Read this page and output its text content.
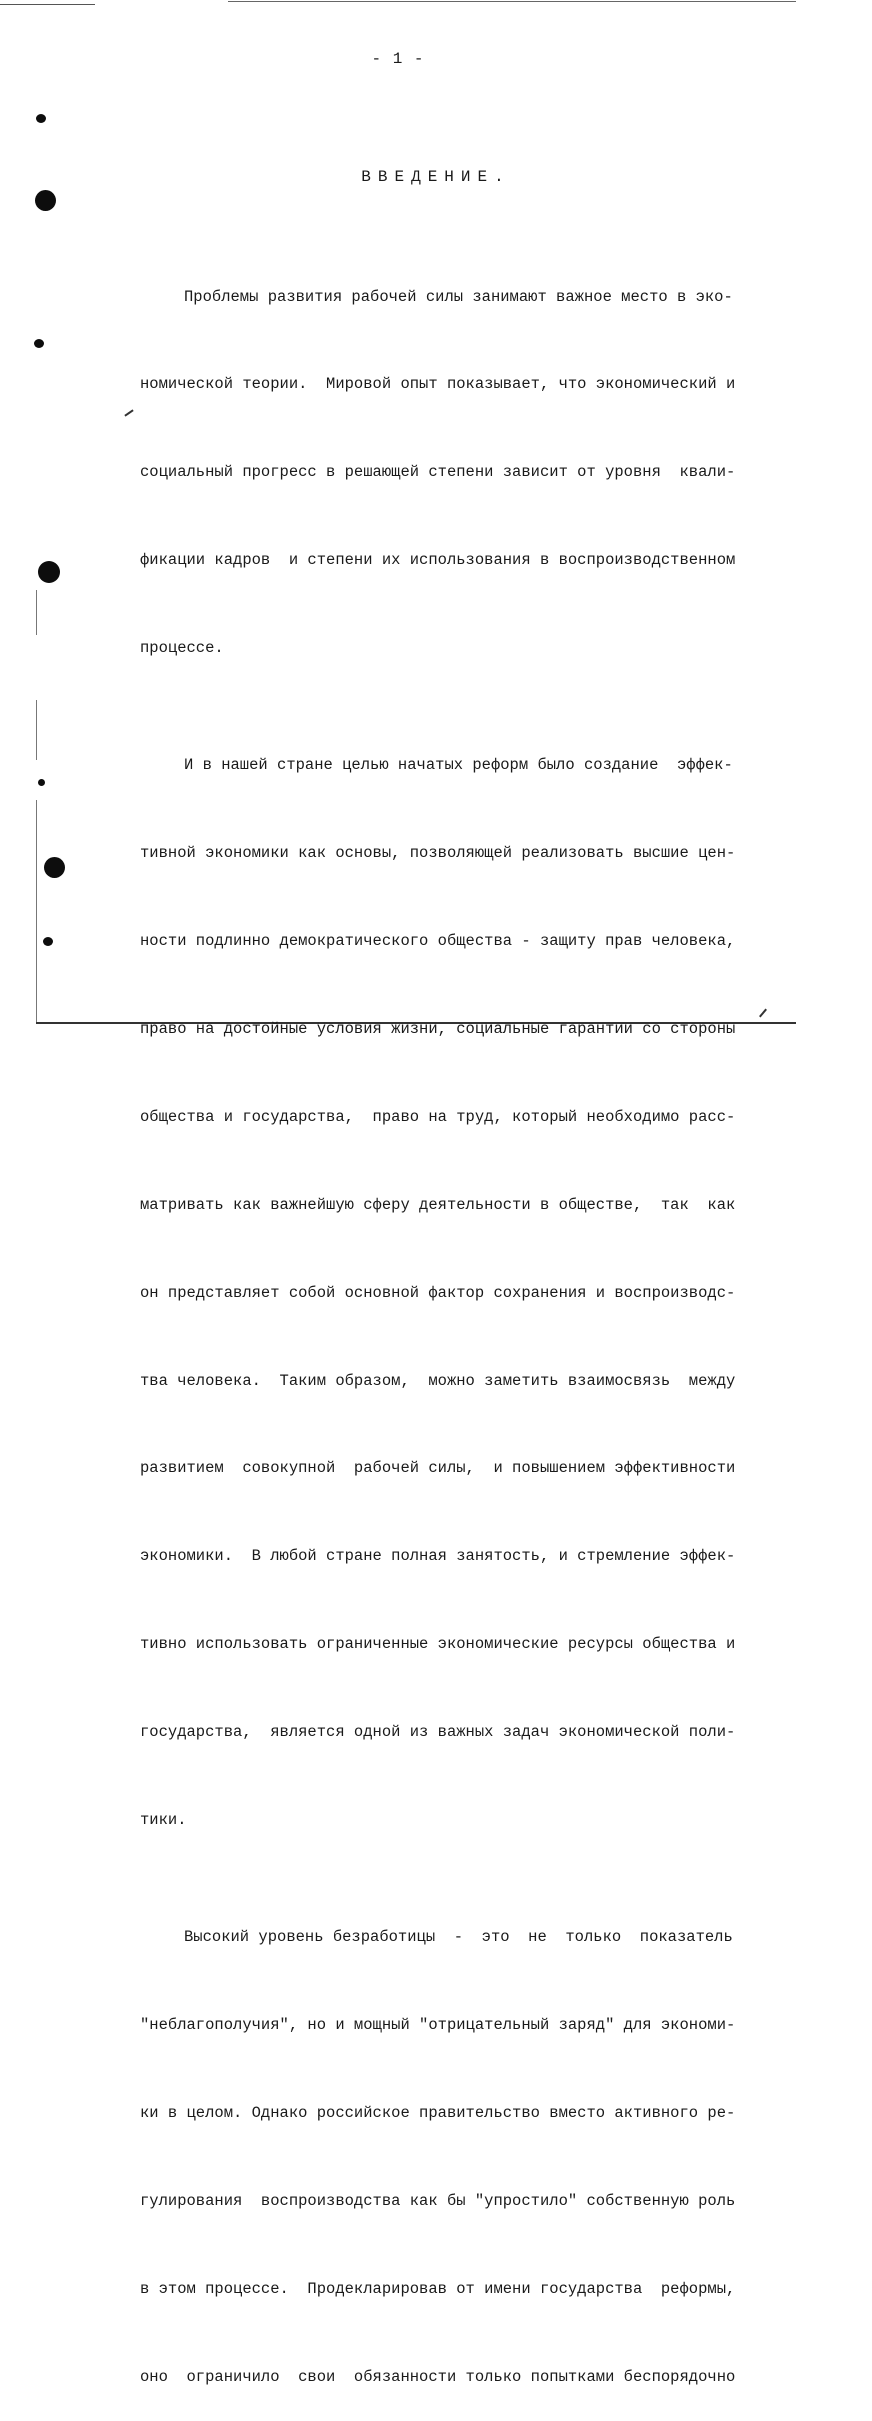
- 1 -
ВВЕДЕНИЕ.

Проблемы развития рабочей силы занимают важное место в эко-

номической теории.  Мировой опыт показывает, что экономический и

социальный прогресс в решающей степени зависит от уровня  квали-

фикации кадров  и степени их использования в воспроизводственном

процессе.

И в нашей стране целью начатых реформ было создание  эффек-

тивной экономики как основы, позволяющей реализовать высшие цен-

ности подлинно демократического общества - защиту прав человека,

право на достойные условия жизни, социальные гарантии со стороны

общества и государства,  право на труд, который необходимо расс-

матривать как важнейшую сферу деятельности в обществе,  так  как

он представляет собой основной фактор сохранения и воспроизводс-

тва человека.  Таким образом,  можно заметить взаимосвязь  между

развитием  совокупной  рабочей силы,  и повышением эффективности

экономики.  В любой стране полная занятость, и стремление эффек-

тивно использовать ограниченные экономические ресурсы общества и

государства,  является одной из важных задач экономической поли-

тики.

Высокий уровень безработицы  -  это  не  только  показатель

"неблагополучия", но и мощный "отрицательный заряд" для экономи-

ки в целом. Однако российское правительство вместо активного ре-

гулирования  воспроизводства как бы "упростило" собственную роль

в этом процессе.  Продекларировав от имени государства  реформы,

оно  ограничило  свои  обязанности только попытками беспорядочно
